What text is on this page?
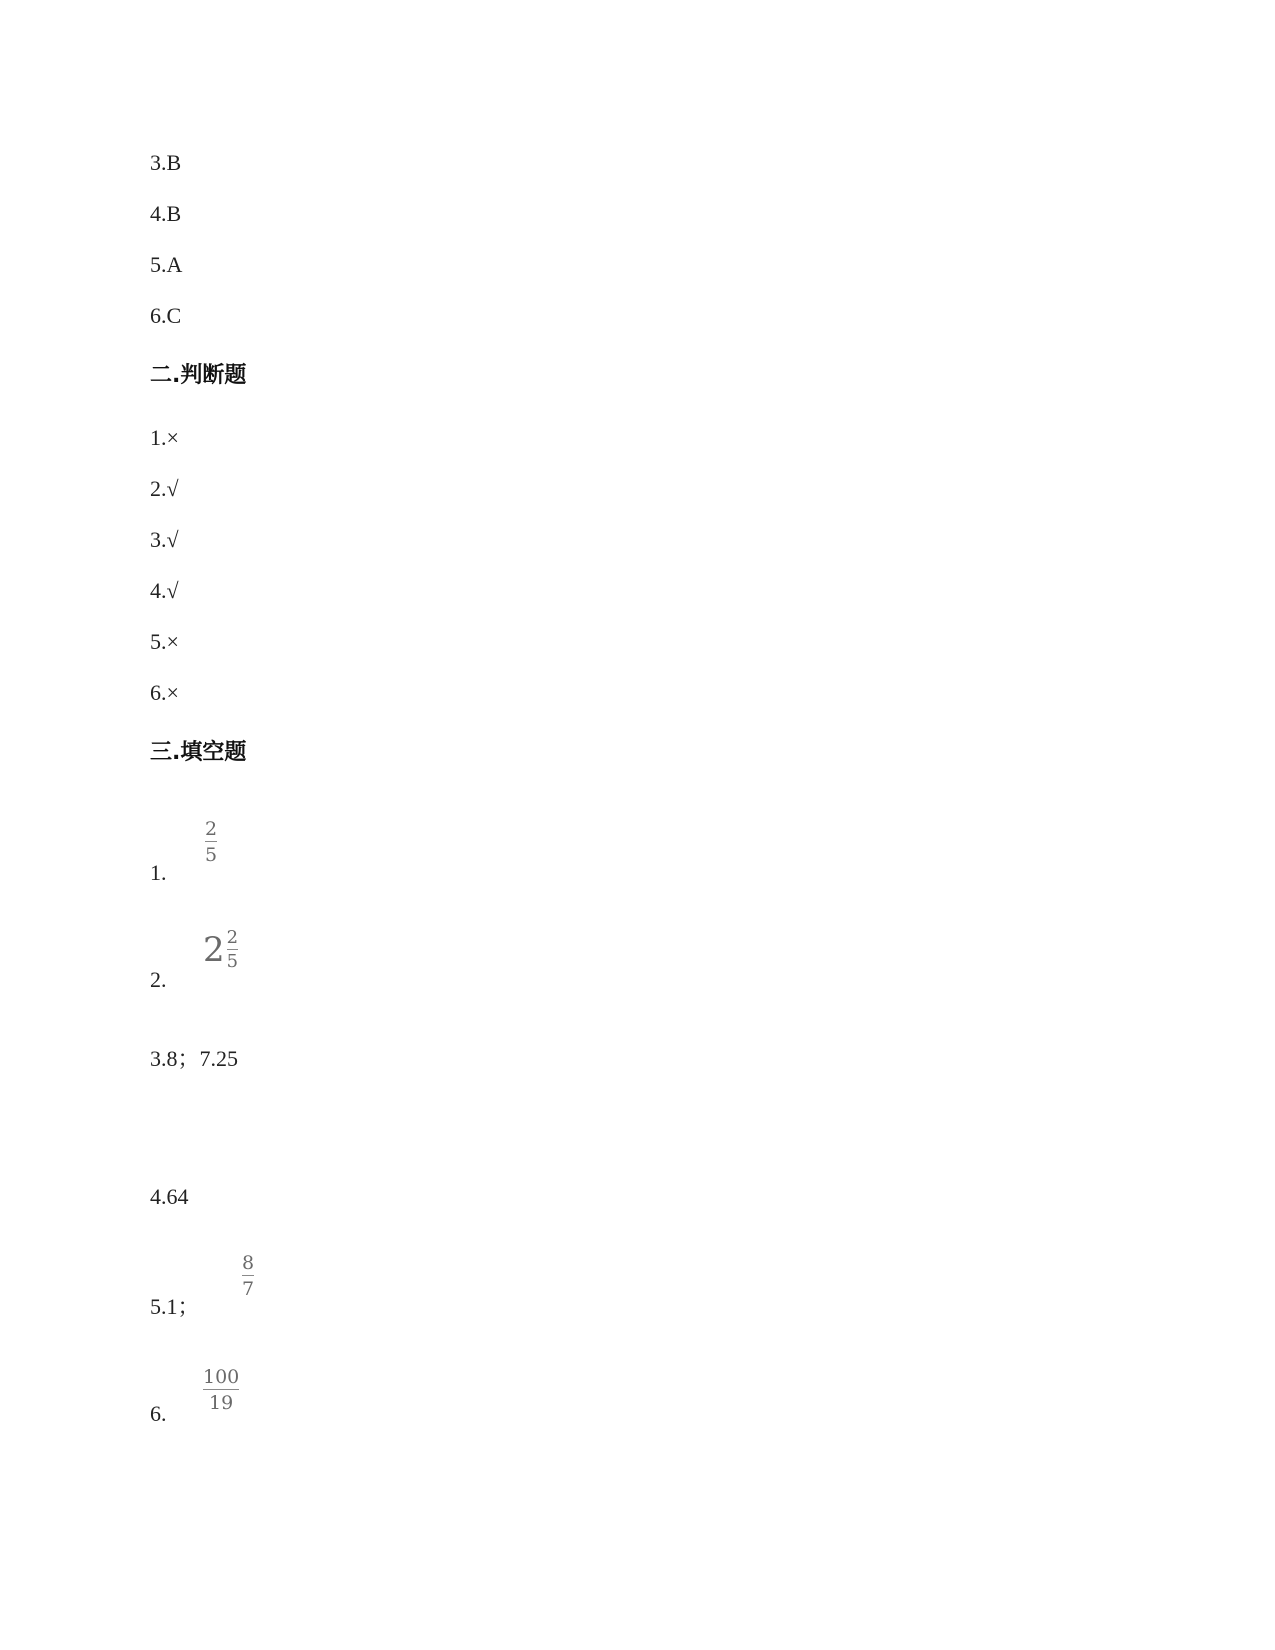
3.B
4.B
5.A
6.C
二.判断题
1.×
2.√
3.√
4.√
5.×
6.×
三.填空题
1.
2
5
2.
$2 \frac{2}{5}$
3.8；7.25
4.64
5.1；
8
7
6.
100
19
